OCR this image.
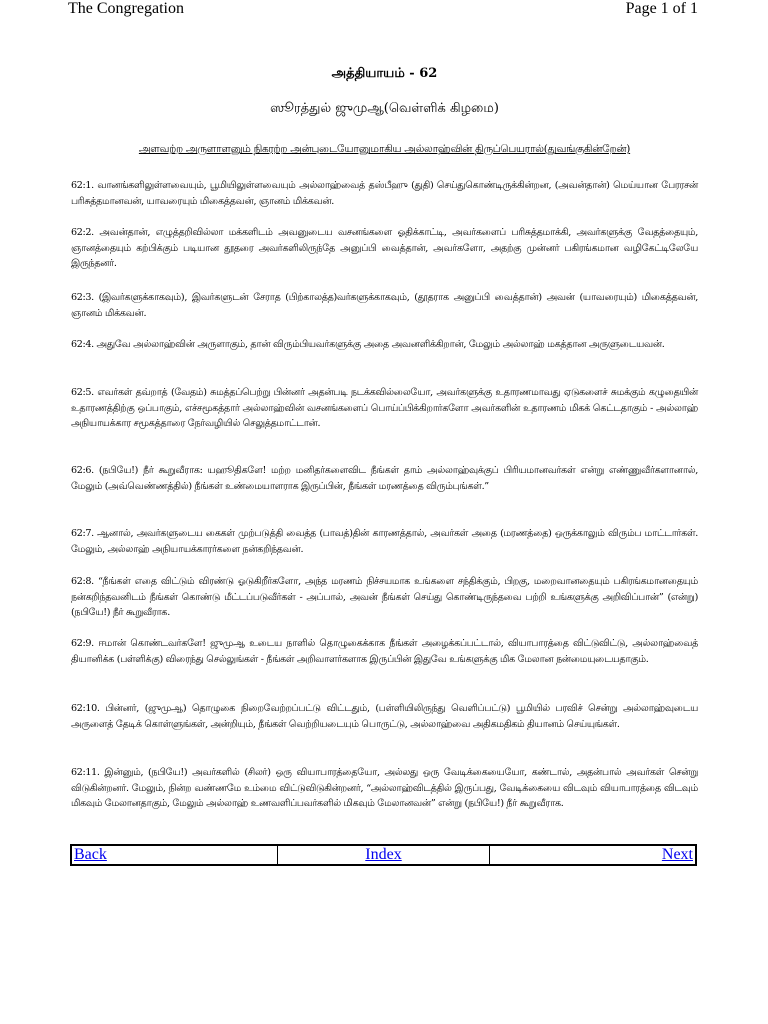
The Congregation	Page 1 of 1
அத்தியாயம் - 62
ஸூரத்துல் ஜுமுஆ(வெள்ளிக் கிழமை)
அளவற்ற அருளாளனும் நிகரற்ற அன்புடையோனுமாகிய அல்லாஹ்வின் திருப்பெயரால்(துவங்குகின்றேன்)
62:1. வானங்களிலுள்ளவையும், பூமியிலுள்ளவையும் அல்லாஹ்வைத் தஸ்பீஹு (துதி) செய்துகொண்டிருக்கின்றன, (அவன்தான்) மெய்யான பேரரசன் பரிசுத்தமானவன், யாவரையும் மிகைத்தவன், ஞானம் மிக்கவன்.
62:2. அவன்தான், எழுத்தறிவில்லா மக்களிடம் அவனுடைய வசனங்களை ஓதிக்காட்டி, அவர்களைப் பரிசுத்தமாக்கி, அவர்களுக்கு வேதத்தையும், ஞானத்தையும் கற்பிக்கும் படியான தூதரை அவர்களிலிருந்தே அனுப்பி வைத்தான், அவர்களோ, அதற்கு முன்னர் பகிரங்கமான வழிகேட்டிலேயே இருந்தனர்.
62:3. (இவர்களுக்காகவும்), இவர்களுடன் சேராத (பிற்காலத்த)வர்களுக்காகவும், (தூதராக அனுப்பி வைத்தான்) அவன் (யாவரையும்) மிகைத்தவன், ஞானம் மிக்கவன்.
62:4. அதுவே அல்லாஹ்வின் அருளாகும், தான் விரும்பியவர்களுக்கு அதை அவனளிக்கிறான், மேலும் அல்லாஹ் மகத்தான அருளுடையவன்.
62:5. எவர்கள் தவ்றாத் (வேதம்) சுமத்தப்பெற்று பின்னர் அதன்படி நடக்கவில்லையோ, அவர்களுக்கு உதாரணமாவது ஏடுகளைச் சுமக்கும் கழுதையின் உதாரணத்திற்கு ஒப்பாகும், எச்சமூகத்தார் அல்லாஹ்வின் வசனங்களைப் பொய்ப்பிக்கிறார்களோ அவர்களின் உதாரணம் மிகக் கெட்டதாகும் - அல்லாஹ் அநியாயக்கார சமூகத்தாரை நேர்வழியில் செலுத்தமாட்டான்.
62:6. (நபியே!) நீர் கூறுவீராக: யஹூதிகளே! மற்ற மனிதர்களைவிட நீங்கள் தாம் அல்லாஹ்வுக்குப் பிரியமானவர்கள் என்று எண்ணுவீர்களானால், மேலும் (அவ்வெண்ணத்தில்) நீங்கள் உண்மையாளராக இருப்பின், நீங்கள் மரணத்தை விரும்புங்கள்.”
62:7. ஆனால், அவர்களுடைய கைகள் முற்படுத்தி வைத்த (பாவத்)தின் காரணத்தால், அவர்கள் அதை (மரணத்தை) ஒருக்காலும் விரும்ப மாட்டார்கள். மேலும், அல்லாஹ் அநியாயக்காரர்களை நன்கறிந்தவன்.
62:8. “நீங்கள் எதை விட்டும் விரண்டு ஓடுகிறீர்களோ, அந்த மரணம் நிச்சயமாக உங்களை சந்திக்கும், பிறகு, மறைவானதையும் பகிரங்கமானதையும் நன்கறிந்தவனிடம் நீங்கள் கொண்டு மீட்டப்படுவீர்கள் - அப்பால், அவன் நீங்கள் செய்து கொண்டிருந்தவை பற்றி உங்களுக்கு அறிவிப்பான்” (என்று) (நபியே!) நீர் கூறுவீராக.
62:9. ஈமான் கொண்டவர்களே! ஜுமுஆ உடைய நாளில் தொழுகைக்காக நீங்கள் அழைக்கப்பட்டால், வியாபாரத்தை விட்டுவிட்டு, அல்லாஹ்வைத் தியானிக்க (பள்ளிக்கு) விரைந்து செல்லுங்கள் - நீங்கள் அறிவாளர்களாக இருப்பின் இதுவே உங்களுக்கு மிக மேலான நன்மையுடையதாகும்.
62:10. பின்னர், (ஜுமுஆ) தொழுகை நிறைவேற்றப்பட்டு விட்டதும், (பள்ளியிலிருந்து வெளிப்பட்டு) பூமியில் பரவிச் சென்று அல்லாஹ்வுடைய அருளைத் தேடிக் கொள்ளுங்கள், அன்றியும், நீங்கள் வெற்றியடையும் பொருட்டு, அல்லாஹ்வை அதிகமதிகம் தியானம் செய்யுங்கள்.
62:11. இன்னும், (நபியே!) அவர்களில் (சிலர்) ஒரு வியாபாரத்தையோ, அல்லது ஒரு வேடிக்கையையோ, கண்டால், அதன்பால் அவர்கள் சென்று விடுகின்றனர். மேலும், நின்ற வண்ணமே உம்மை விட்டுவிடுகின்றனர், “அல்லாஹ்விடத்தில் இருப்பது, வேடிக்கையை விடவும் வியாபாரத்தை விடவும் மிகவும் மேலானதாகும், மேலும் அல்லாஹ் உணவளிப்பவர்களில் மிகவும் மேலானவன்” என்று (நபியே!) நீர் கூறுவீராக.
Back	Index	Next
